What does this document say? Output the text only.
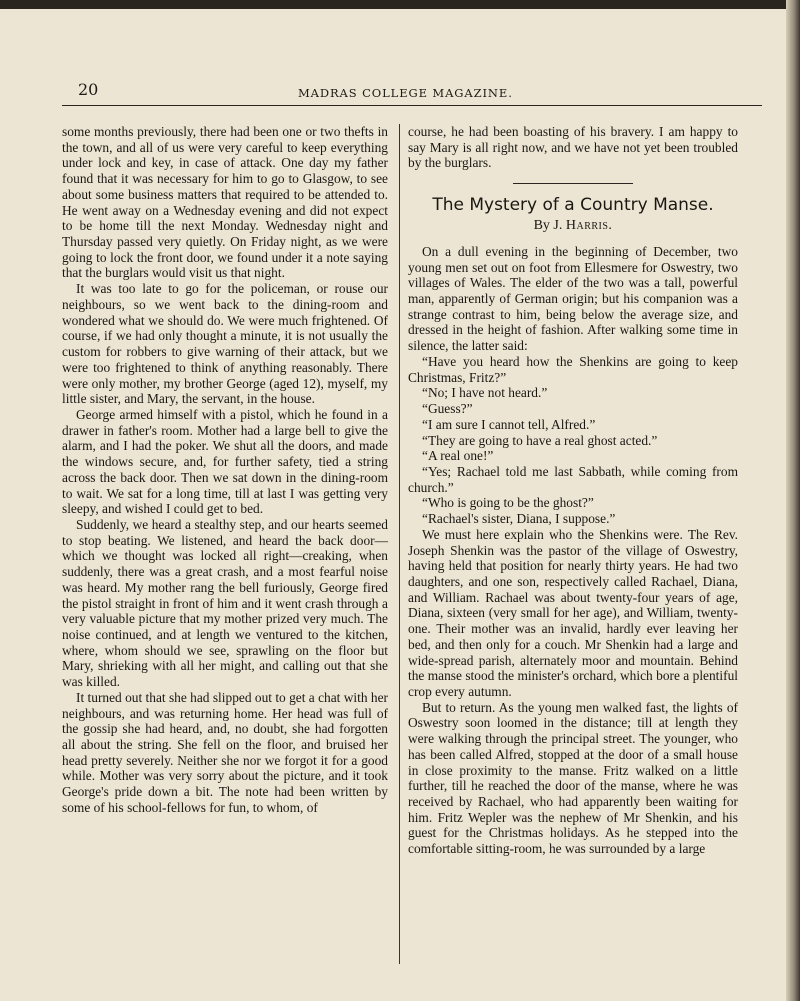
20	MADRAS COLLEGE MAGAZINE.

some months previously, there had been one or two thefts in the town, and all of us were very careful to keep everything under lock and key, in case of attack. One day my father found that it was necessary for him to go to Glasgow, to see about some business matters that required to be attended to. He went away on a Wednesday evening and did not expect to be home till the next Monday. Wednesday night and Thursday passed very quietly. On Friday night, as we were going to lock the front door, we found under it a note saying that the burglars would visit us that night.

It was too late to go for the policeman, or rouse our neighbours, so we went back to the dining-room and wondered what we should do. We were much frightened. Of course, if we had only thought a minute, it is not usually the custom for robbers to give warning of their attack, but we were too frightened to think of anything reasonably. There were only mother, my brother George (aged 12), myself, my little sister, and Mary, the servant, in the house.

George armed himself with a pistol, which he found in a drawer in father's room. Mother had a large bell to give the alarm, and I had the poker. We shut all the doors, and made the windows secure, and, for further safety, tied a string across the back door. Then we sat down in the dining-room to wait. We sat for a long time, till at last I was getting very sleepy, and wished I could get to bed.

Suddenly, we heard a stealthy step, and our hearts seemed to stop beating. We listened, and heard the back door—which we thought was locked all right—creaking, when suddenly, there was a great crash, and a most fearful noise was heard. My mother rang the bell furiously, George fired the pistol straight in front of him and it went crash through a very valuable picture that my mother prized very much. The noise continued, and at length we ventured to the kitchen, where, whom should we see, sprawling on the floor but Mary, shrieking with all her might, and calling out that she was killed.

It turned out that she had slipped out to get a chat with her neighbours, and was returning home. Her head was full of the gossip she had heard, and, no doubt, she had forgotten all about the string. She fell on the floor, and bruised her head pretty severely. Neither she nor we forgot it for a good while. Mother was very sorry about the picture, and it took George's pride down a bit. The note had been written by some of his school-fellows for fun, to whom, of

course, he had been boasting of his bravery. I am happy to say Mary is all right now, and we have not yet been troubled by the burglars.

The Mystery of a Country Manse.
By J. Harris.

On a dull evening in the beginning of December, two young men set out on foot from Ellesmere for Oswestry, two villages of Wales. The elder of the two was a tall, powerful man, apparently of German origin; but his companion was a strange contrast to him, being below the average size, and dressed in the height of fashion. After walking some time in silence, the latter said:

“Have you heard how the Shenkins are going to keep Christmas, Fritz?”

“No; I have not heard.”

“Guess?”

“I am sure I cannot tell, Alfred.”

“They are going to have a real ghost acted.”

“A real one!”

“Yes; Rachael told me last Sabbath, while coming from church.”

“Who is going to be the ghost?”

“Rachael's sister, Diana, I suppose.”

We must here explain who the Shenkins were. The Rev. Joseph Shenkin was the pastor of the village of Oswestry, having held that position for nearly thirty years. He had two daughters, and one son, respectively called Rachael, Diana, and William. Rachael was about twenty-four years of age, Diana, sixteen (very small for her age), and William, twenty-one. Their mother was an invalid, hardly ever leaving her bed, and then only for a couch. Mr Shenkin had a large and wide-spread parish, alternately moor and mountain. Behind the manse stood the minister's orchard, which bore a plentiful crop every autumn.

But to return. As the young men walked fast, the lights of Oswestry soon loomed in the distance; till at length they were walking through the principal street. The younger, who has been called Alfred, stopped at the door of a small house in close proximity to the manse. Fritz walked on a little further, till he reached the door of the manse, where he was received by Rachael, who had apparently been waiting for him. Fritz Wepler was the nephew of Mr Shenkin, and his guest for the Christmas holidays. As he stepped into the comfortable sitting-room, he was surrounded by a large
